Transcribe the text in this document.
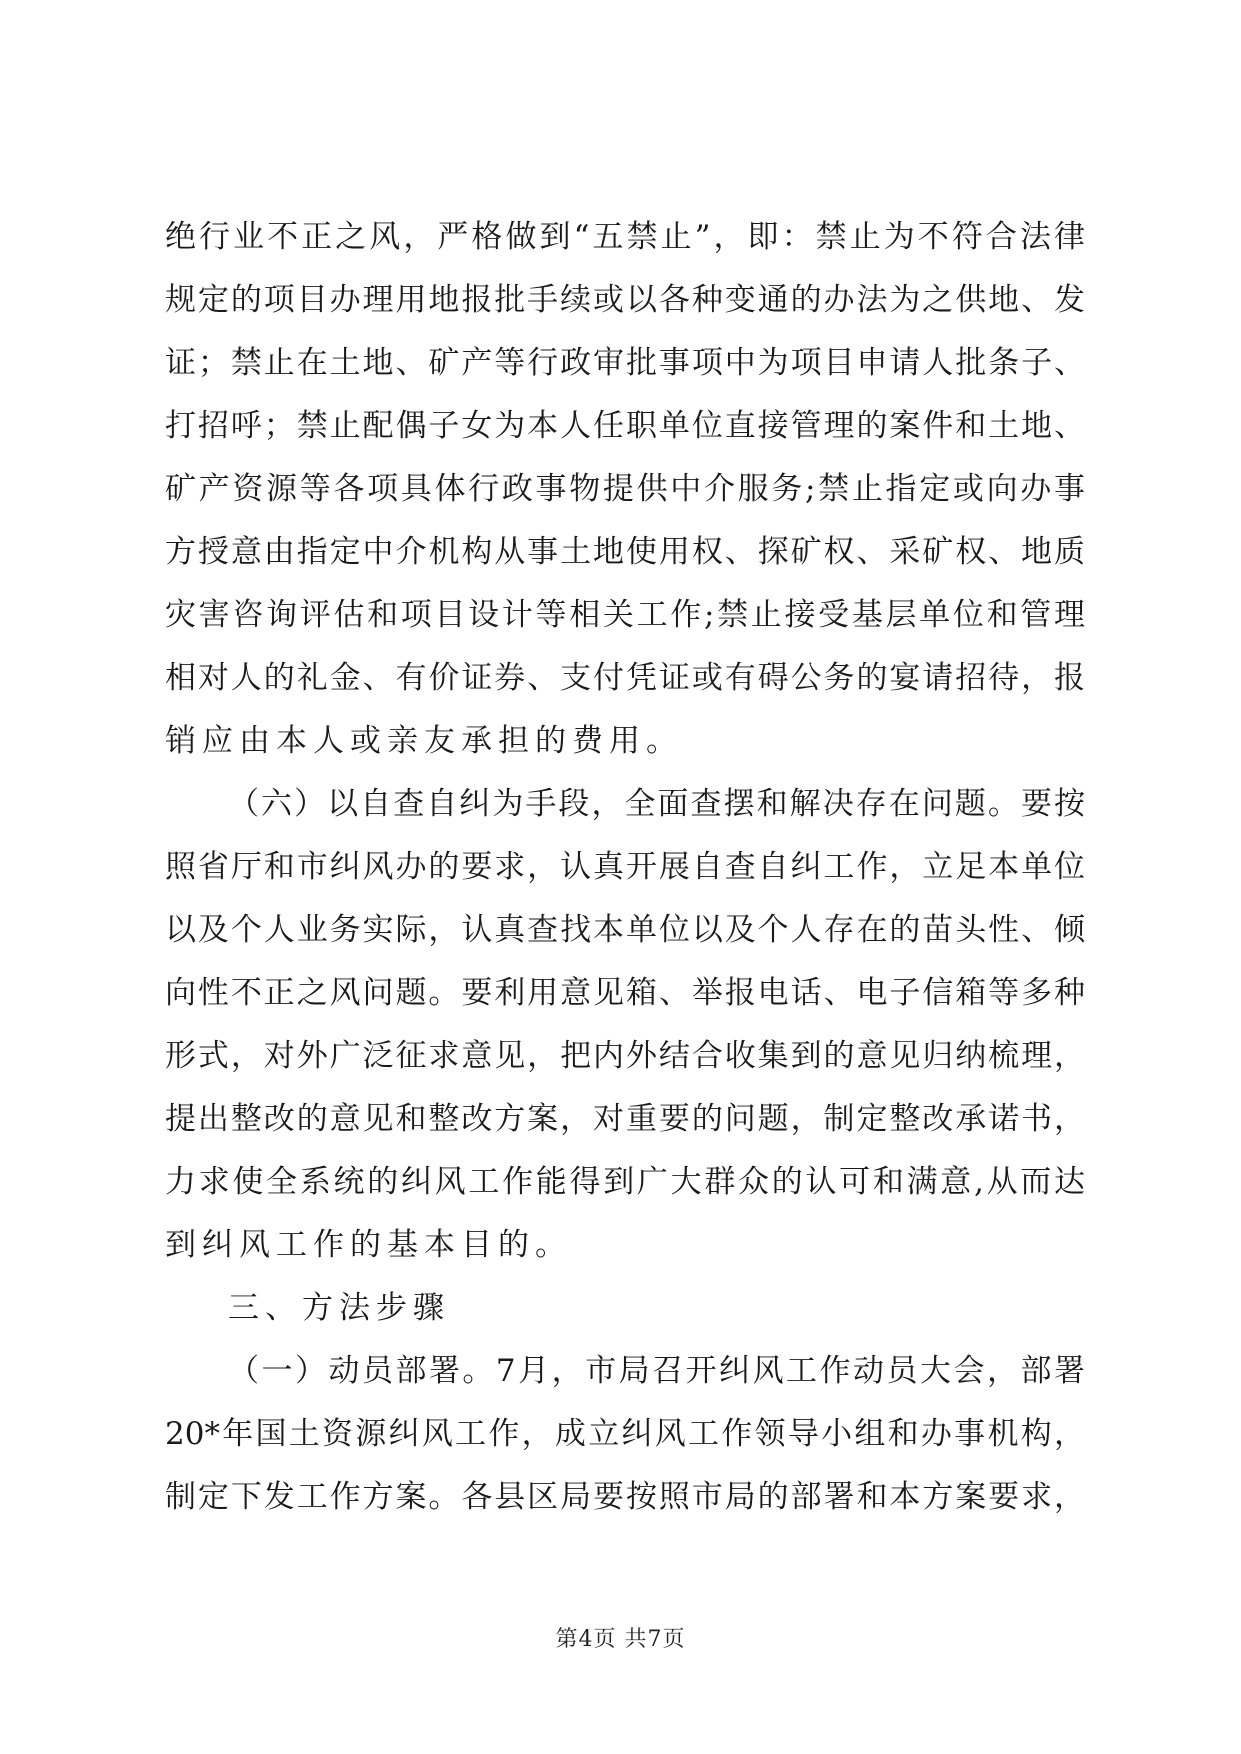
绝行业不正之风，严格做到“五禁止”，即：禁止为不符合法律
规定的项目办理用地报批手续或以各种变通的办法为之供地、发
证；禁止在土地、矿产等行政审批事项中为项目申请人批条子、
打招呼；禁止配偶子女为本人任职单位直接管理的案件和土地、
矿产资源等各项具体行政事物提供中介服务;禁止指定或向办事
方授意由指定中介机构从事土地使用权、探矿权、采矿权、地质
灾害咨询评估和项目设计等相关工作;禁止接受基层单位和管理
相对人的礼金、有价证券、支付凭证或有碍公务的宴请招待，报
销应由本人或亲友承担的费用。
（六）以自查自纠为手段，全面查摆和解决存在问题。要按
照省厅和市纠风办的要求，认真开展自查自纠工作，立足本单位
以及个人业务实际，认真查找本单位以及个人存在的苗头性、倾
向性不正之风问题。要利用意见箱、举报电话、电子信箱等多种
形式，对外广泛征求意见，把内外结合收集到的意见归纳梳理，
提出整改的意见和整改方案，对重要的问题，制定整改承诺书，
力求使全系统的纠风工作能得到广大群众的认可和满意,从而达
到纠风工作的基本目的。
三、方法步骤
（一）动员部署。7月，市局召开纠风工作动员大会，部署
20*年国土资源纠风工作，成立纠风工作领导小组和办事机构，
制定下发工作方案。各县区局要按照市局的部署和本方案要求，
第4页 共7页
